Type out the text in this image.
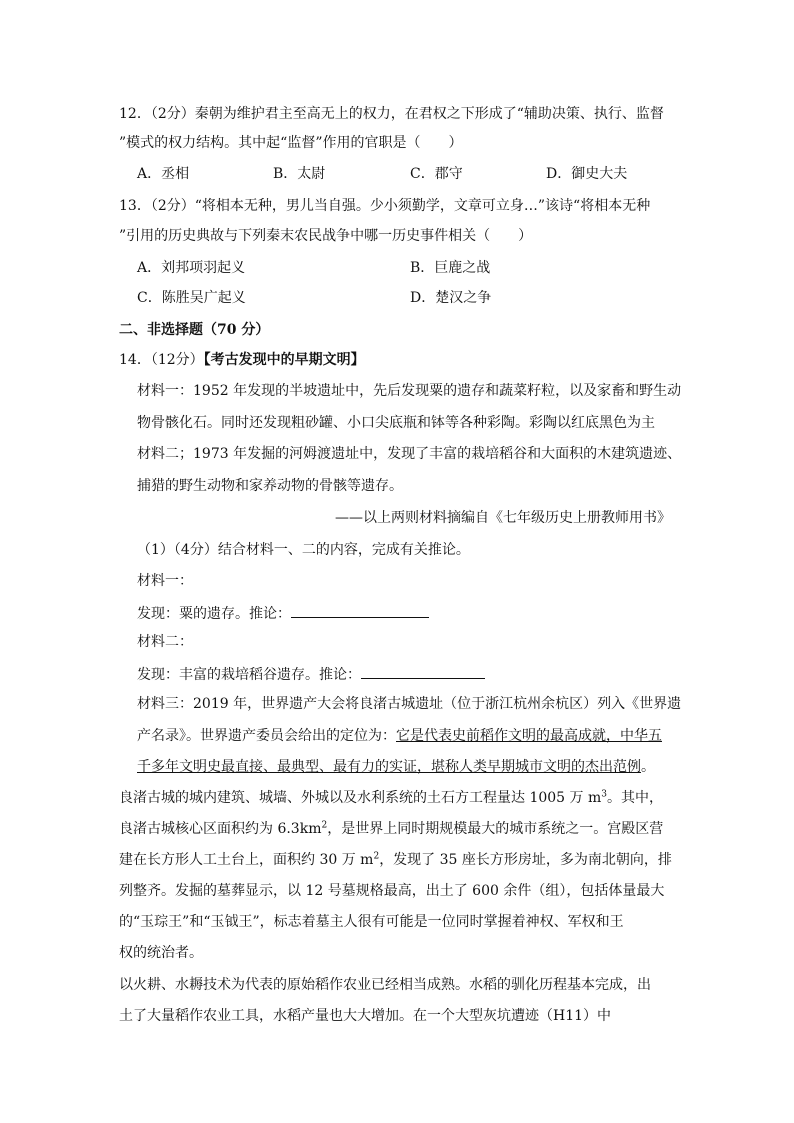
12．（2分）秦朝为维护君主至高无上的权力，在君权之下形成了“辅助决策、执行、监督
”模式的权力结构。其中起“监督”作用的官职是（　　）
A．丞相	B．太尉	C．郡守	D．御史大夫
13．（2分）“将相本无种，男儿当自强。少小须勤学，文章可立身…”该诗“将相本无种
”引用的历史典故与下列秦末农民战争中哪一历史事件相关（　　）
A．刘邦项羽起义	B．巨鹿之战
C．陈胜吴广起义	D．楚汉之争
二、非选择题（70 分）
14．（12分）【考古发现中的早期文明】
材料一：1952 年发现的半坡遗址中，先后发现粟的遗存和蔬菜籽粒，以及家畜和野生动
物骨骸化石。同时还发现粗砂罐、小口尖底瓶和钵等各种彩陶。彩陶以红底黑色为主
材料二；1973 年发掘的河姆渡遗址中，发现了丰富的栽培稻谷和大面积的木建筑遗迹、
捕猎的野生动物和家养动物的骨骸等遗存。
——以上两则材料摘编自《七年级历史上册教师用书》
（1）（4分）结合材料一、二的内容，完成有关推论。
材料一：
发现：粟的遗存。推论：
材料二：
发现：丰富的栽培稻谷遗存。推论：
材料三：2019 年，世界遗产大会将良渚古城遗址（位于浙江杭州余杭区）列入《世界遗
产名录》。世界遗产委员会给出的定位为：它是代表史前稻作文明的最高成就，中华五
千多年文明史最直接、最典型、最有力的实证，堪称人类早期城市文明的杰出范例。
良渚古城的城内建筑、城墙、外城以及水利系统的土石方工程量达 1005 万 $m^3$。其中，
良渚古城核心区面积约为 $6.3km^2$，是世界上同时期规模最大的城市系统之一。宫殿区营
建在长方形人工土台上，面积约 30 万 $m^2$，发现了 35 座长方形房址，多为南北朝向，排
列整齐。发掘的墓葬显示，以 12 号墓规格最高，出土了 600 余件（组），包括体量最大
的“玉琮王”和“玉钺王”，标志着墓主人很有可能是一位同时掌握着神权、军权和王
权的统治者。
以火耕、水耨技术为代表的原始稻作农业已经相当成熟。水稻的驯化历程基本完成，出
土了大量稻作农业工具，水稻产量也大大增加。在一个大型灰坑遭迹（H11）中
